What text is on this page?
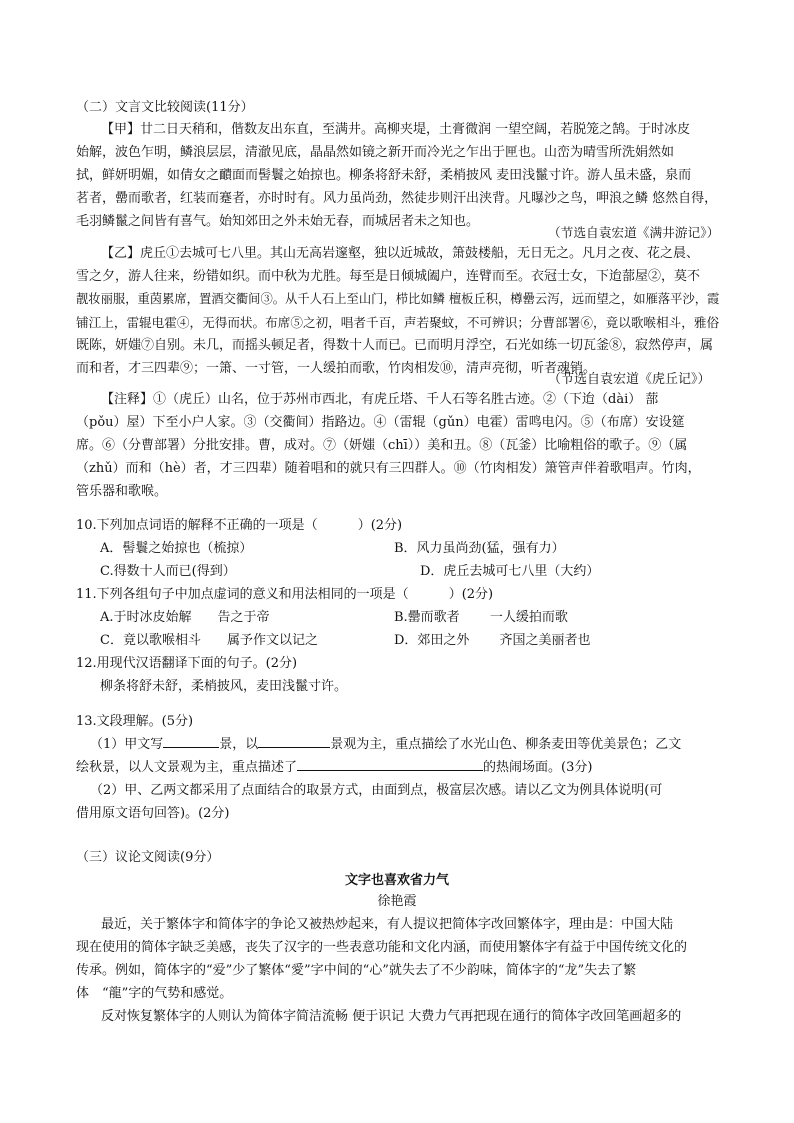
（二）文言文比较阅读(11分）
【甲】廿二日天稍和，偕数友出东直，至满井。高柳夹堤，土膏微润 一望空阔，若脱笼之鹄。于时冰皮
始解，波色乍明，鳞浪层层，清澈见底，晶晶然如镜之新开而冷光之乍出于匣也。山峦为晴雪所洗娟然如
拭，鲜妍明媚，如倩女之靧面而髻鬟之始掠也。柳条将舒未舒，柔梢披风 麦田浅鬣寸许。游人虽未盛，泉而
茗者，罍而歌者，红装而蹇者，亦时时有。风力虽尚劲，然徒步则汗出浃背。凡曝沙之鸟，呷浪之鳞 悠然自得，
毛羽鳞鬣之间皆有喜气。始知郊田之外未始无春，而城居者未之知也。
（节选自袁宏道《满井游记》）
【乙】虎丘①去城可七八里。其山无高岩邃壑，独以近城故，箫鼓楼船，无日无之。凡月之夜、花之晨、
雪之夕，游人往来，纷错如织。而中秋为尤胜。每至是日倾城阖户，连臂而至。衣冠士女，下迨蔀屋②，莫不
靓妆丽服，重茵累席，置酒交衢间③。从千人石上至山门，栉比如鳞 檀板丘积，樽罍云泻，远而望之，如雁落平沙，霞
铺江上，雷辊电霍④，无得而状。布席⑤之初，唱者千百，声若聚蚊，不可辨识；分曹部署⑥，竟以歌喉相斗，雅俗
既陈，妍媸⑦自别。未几，而摇头顿足者，得数十人而已。已而明月浮空，石光如练一切瓦釜⑧，寂然停声，属
而和者，才三四辈⑨；一箫、一寸管，一人缓拍而歌，竹肉相发⑩，清声亮彻，听者魂销。
（节选自袁宏道《虎丘记》）
【注释】①（虎丘）山名，位于苏州市西北，有虎丘塔、千人石等名胜古迹。②（下迨（dài） 蔀
（pǒu）屋）下至小户人家。③（交衢间）指路边。④（雷辊（gǔn）电霍）雷鸣电闪。⑤（布席）安设筵
席。⑥（分曹部署）分批安排。曹，成对。⑦（妍媸（chī））美和丑。⑧（瓦釜）比喻粗俗的歌子。⑨（属
（zhǔ）而和（hè）者，才三四辈）随着唱和的就只有三四群人。⑩（竹肉相发）箫管声伴着歌唱声。竹肉，
管乐器和歌喉。
10.下列加点词语的解释不正确的一项是（	）(2分)
A．髻鬟之始掠也（梳掠）	B．风力虽尚劲(猛，强有力）
C.得数十人而已(得到）	D．虎丘去城可七八里（大约）
11.下列各组句子中加点虚词的意义和用法相同的一项是（	）(2分)
A.于时冰皮始解　　告之于帝	B.罍而歌者　　 一人缓拍而歌
C．竟以歌喉相斗　　属予作文以记之	D．郊田之外　　 齐国之美丽者也
12.用现代汉语翻译下面的句子。(2分)
柳条将舒未舒，柔梢披风，麦田浅鬣寸许。
13.文段理解。(5分)
（1）甲文写	景，以	景观为主，重点描绘了水光山色、柳条麦田等优美景色；乙文
绘秋景，以人文景观为主，重点描述了	的热闹场面。(3分)
（2）甲、乙两文都采用了点面结合的取景方式，由面到点，极富层次感。请以乙文为例具体说明(可
借用原文语句回答)。(2分)
（三）议论文阅读(9分）
文字也喜欢省力气
徐艳霞
最近，关于繁体字和简体字的争论又被热炒起来，有人提议把简体字改回繁体字，理由是：中国大陆
现在使用的简体字缺乏美感，丧失了汉字的一些表意功能和文化内涵，而使用繁体字有益于中国传统文化的
传承。例如，简体字的“爱”少了繁体“愛”字中间的“心”就失去了不少韵味，简体字的“龙”失去了繁
体　“龍”字的气势和感觉。
反对恢复繁体字的人则认为简体字简洁流畅 便于识记 大费力气再把现在通行的简体字改回笔画超多的
